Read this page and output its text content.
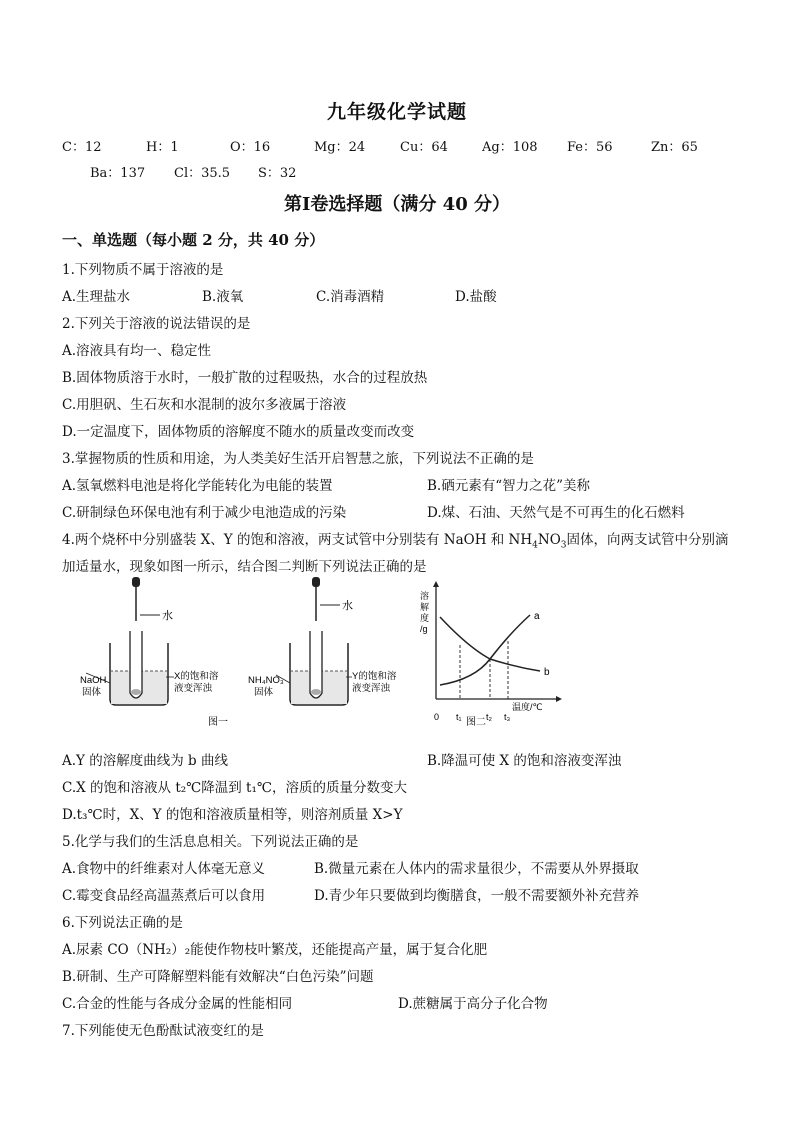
九年级化学试题
C：12	H：1	O：16	Mg：24	Cu：64	Ag：108 Fe：56	Zn：65
Ba：137 Cl：35.5 S：32
第Ⅰ卷选择题（满分 40 分）
一、单选题（每小题 2 分，共 40 分）
1.下列物质不属于溶液的是
A.生理盐水	B.液氧	C.消毒酒精	D.盐酸
2.下列关于溶液的说法错误的是
A.溶液具有均一、稳定性
B.固体物质溶于水时，一般扩散的过程吸热，水合的过程放热
C.用胆矾、生石灰和水混制的波尔多液属于溶液
D.一定温度下，固体物质的溶解度不随水的质量改变而改变
3.掌握物质的性质和用途，为人类美好生活开启智慧之旅，下列说法不正确的是
A.氢氧燃料电池是将化学能转化为电能的装置	B.硒元素有“智力之花”美称
C.研制绿色环保电池有利于减少电池造成的污染	D.煤、石油、天然气是不可再生的化石燃料
4.两个烧杯中分别盛装 X、Y 的饱和溶液，两支试管中分别装有 NaOH 和 $NH_4NO_3$固体，向两支试管中分别滴
加适量水，现象如图一所示，结合图二判断下列说法正确的是
水
NaOH
固体
X的饱和溶
液变浑浊
水
NH₄NO₃
固体
Y的饱和溶
液变浑浊
图一
溶
解
度
/g
温度/℃
0 t₁	t₂ t₃
a
b
图二
A.Y 的溶解度曲线为 b 曲线	B.降温可使 X 的饱和溶液变浑浊
C.X 的饱和溶液从 t₂℃降温到 t₁℃，溶质的质量分数变大
D.t₃℃时，X、Y 的饱和溶液质量相等，则溶剂质量 X>Y
5.化学与我们的生活息息相关。下列说法正确的是
A.食物中的纤维素对人体毫无意义	B.微量元素在人体内的需求量很少，不需要从外界摄取
C.霉变食品经高温蒸煮后可以食用	D.青少年只要做到均衡膳食，一般不需要额外补充营养
6.下列说法正确的是
A.尿素 CO（NH₂）₂能使作物枝叶繁茂，还能提高产量，属于复合化肥
B.研制、生产可降解塑料能有效解决“白色污染”问题
C.合金的性能与各成分金属的性能相同	D.蔗糖属于高分子化合物
7.下列能使无色酚酞试液变红的是
